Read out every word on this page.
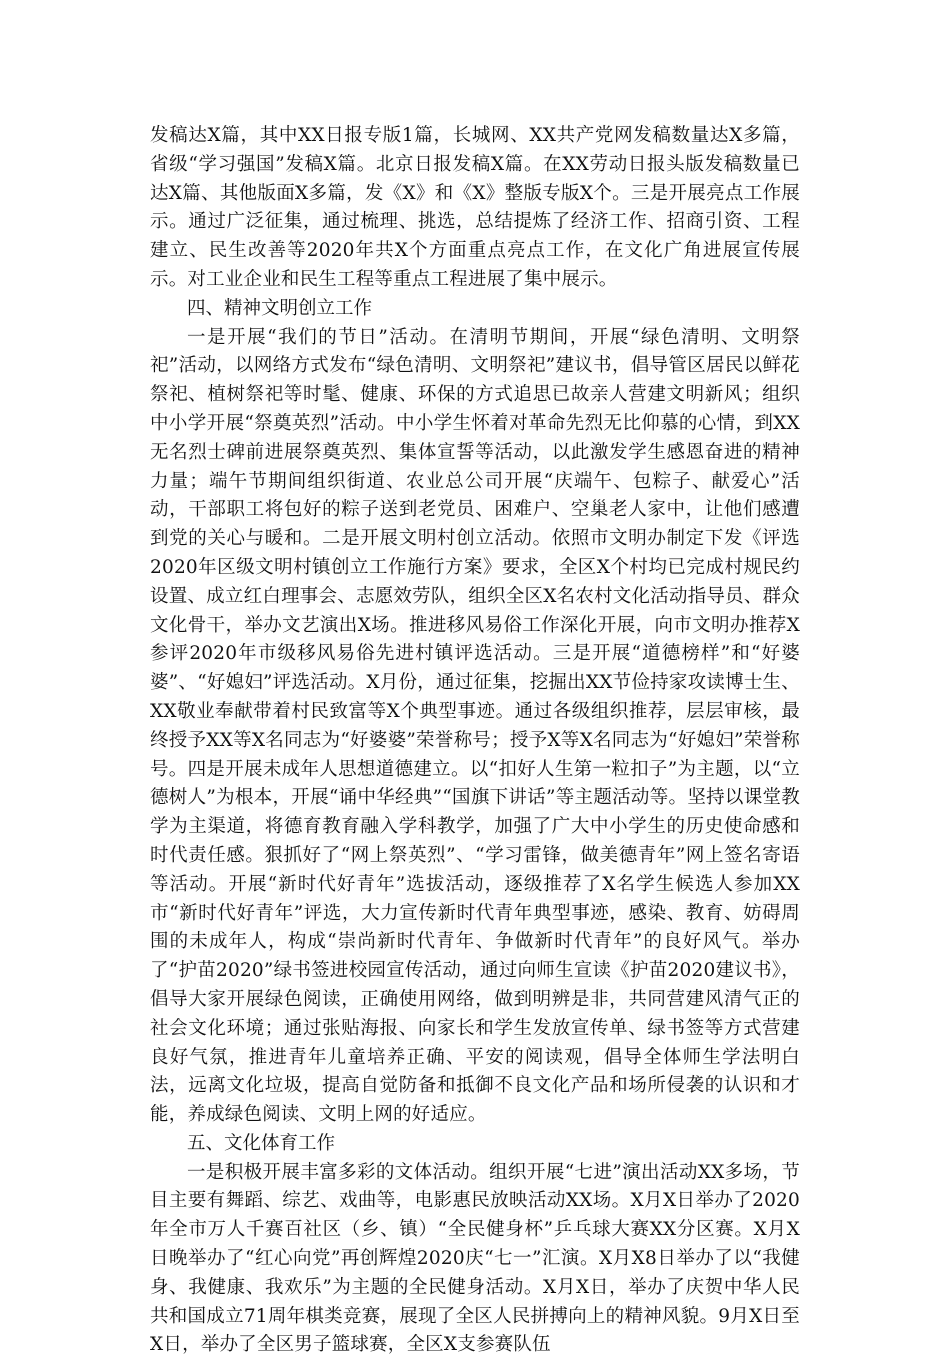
发稿达X篇，其中XX日报专版1篇，长城网、XX共产党网发稿数量达X多篇，省级“学习强国”发稿X篇。北京日报发稿X篇。在XX劳动日报头版发稿数量已达X篇、其他版面X多篇，发《X》和《X》整版专版X个。三是开展亮点工作展示。通过广泛征集，通过梳理、挑选，总结提炼了经济工作、招商引资、工程建立、民生改善等2020年共X个方面重点亮点工作，在文化广角进展宣传展示。对工业企业和民生工程等重点工程进展了集中展示。

四、精神文明创立工作

一是开展“我们的节日”活动。在清明节期间，开展“绿色清明、文明祭祀”活动，以网络方式发布“绿色清明、文明祭祀”建议书，倡导管区居民以鲜花祭祀、植树祭祀等时髦、健康、环保的方式追思已故亲人营建文明新风；组织中小学开展“祭奠英烈”活动。中小学生怀着对革命先烈无比仰慕的心情，到XX无名烈士碑前进展祭奠英烈、集体宣誓等活动，以此激发学生感恩奋进的精神力量；端午节期间组织街道、农业总公司开展“庆端午、包粽子、献爱心”活动，干部职工将包好的粽子送到老党员、困难户、空巢老人家中，让他们感遭到党的关心与暖和。二是开展文明村创立活动。依照市文明办制定下发《评选2020年区级文明村镇创立工作施行方案》要求，全区X个村均已完成村规民约设置、成立红白理事会、志愿效劳队，组织全区X名农村文化活动指导员、群众文化骨干，举办文艺演出X场。推进移风易俗工作深化开展，向市文明办推荐X参评2020年市级移风易俗先进村镇评选活动。三是开展“道德榜样”和“好婆婆”、“好媳妇”评选活动。X月份，通过征集，挖掘出XX节俭持家攻读博士生、XX敬业奉献带着村民致富等X个典型事迹。通过各级组织推荐，层层审核，最终授予XX等X名同志为“好婆婆”荣誉称号；授予X等X名同志为“好媳妇”荣誉称号。四是开展未成年人思想道德建立。以“扣好人生第一粒扣子”为主题，以“立德树人”为根本，开展“诵中华经典”“国旗下讲话”等主题活动等。坚持以课堂教学为主渠道，将德育教育融入学科教学，加强了广大中小学生的历史使命感和时代责任感。狠抓好了“网上祭英烈”、“学习雷锋，做美德青年”网上签名寄语等活动。开展“新时代好青年”选拔活动，逐级推荐了X名学生候选人参加XX市“新时代好青年”评选，大力宣传新时代青年典型事迹，感染、教育、妨碍周围的未成年人，构成“崇尚新时代青年、争做新时代青年”的良好风气。举办了“护苗2020”绿书签进校园宣传活动，通过向师生宣读《护苗2020建议书》，倡导大家开展绿色阅读，正确使用网络，做到明辨是非，共同营建风清气正的社会文化环境；通过张贴海报、向家长和学生发放宣传单、绿书签等方式营建良好气氛，推进青年儿童培养正确、平安的阅读观，倡导全体师生学法明白法，远离文化垃圾，提高自觉防备和抵御不良文化产品和场所侵袭的认识和才能，养成绿色阅读、文明上网的好适应。

五、文化体育工作

一是积极开展丰富多彩的文体活动。组织开展“七进”演出活动XX多场，节目主要有舞蹈、综艺、戏曲等，电影惠民放映活动XX场。X月X日举办了2020年全市万人千赛百社区（乡、镇）“全民健身杯”乒乓球大赛XX分区赛。X月X日晚举办了“红心向党”再创辉煌2020庆“七一”汇演。X月X8日举办了以“我健身、我健康、我欢乐”为主题的全民健身活动。X月X日，举办了庆贺中华人民共和国成立71周年棋类竞赛，展现了全区人民拼搏向上的精神风貌。9月X日至X日，举办了全区男子篮球赛，全区X支参赛队伍
